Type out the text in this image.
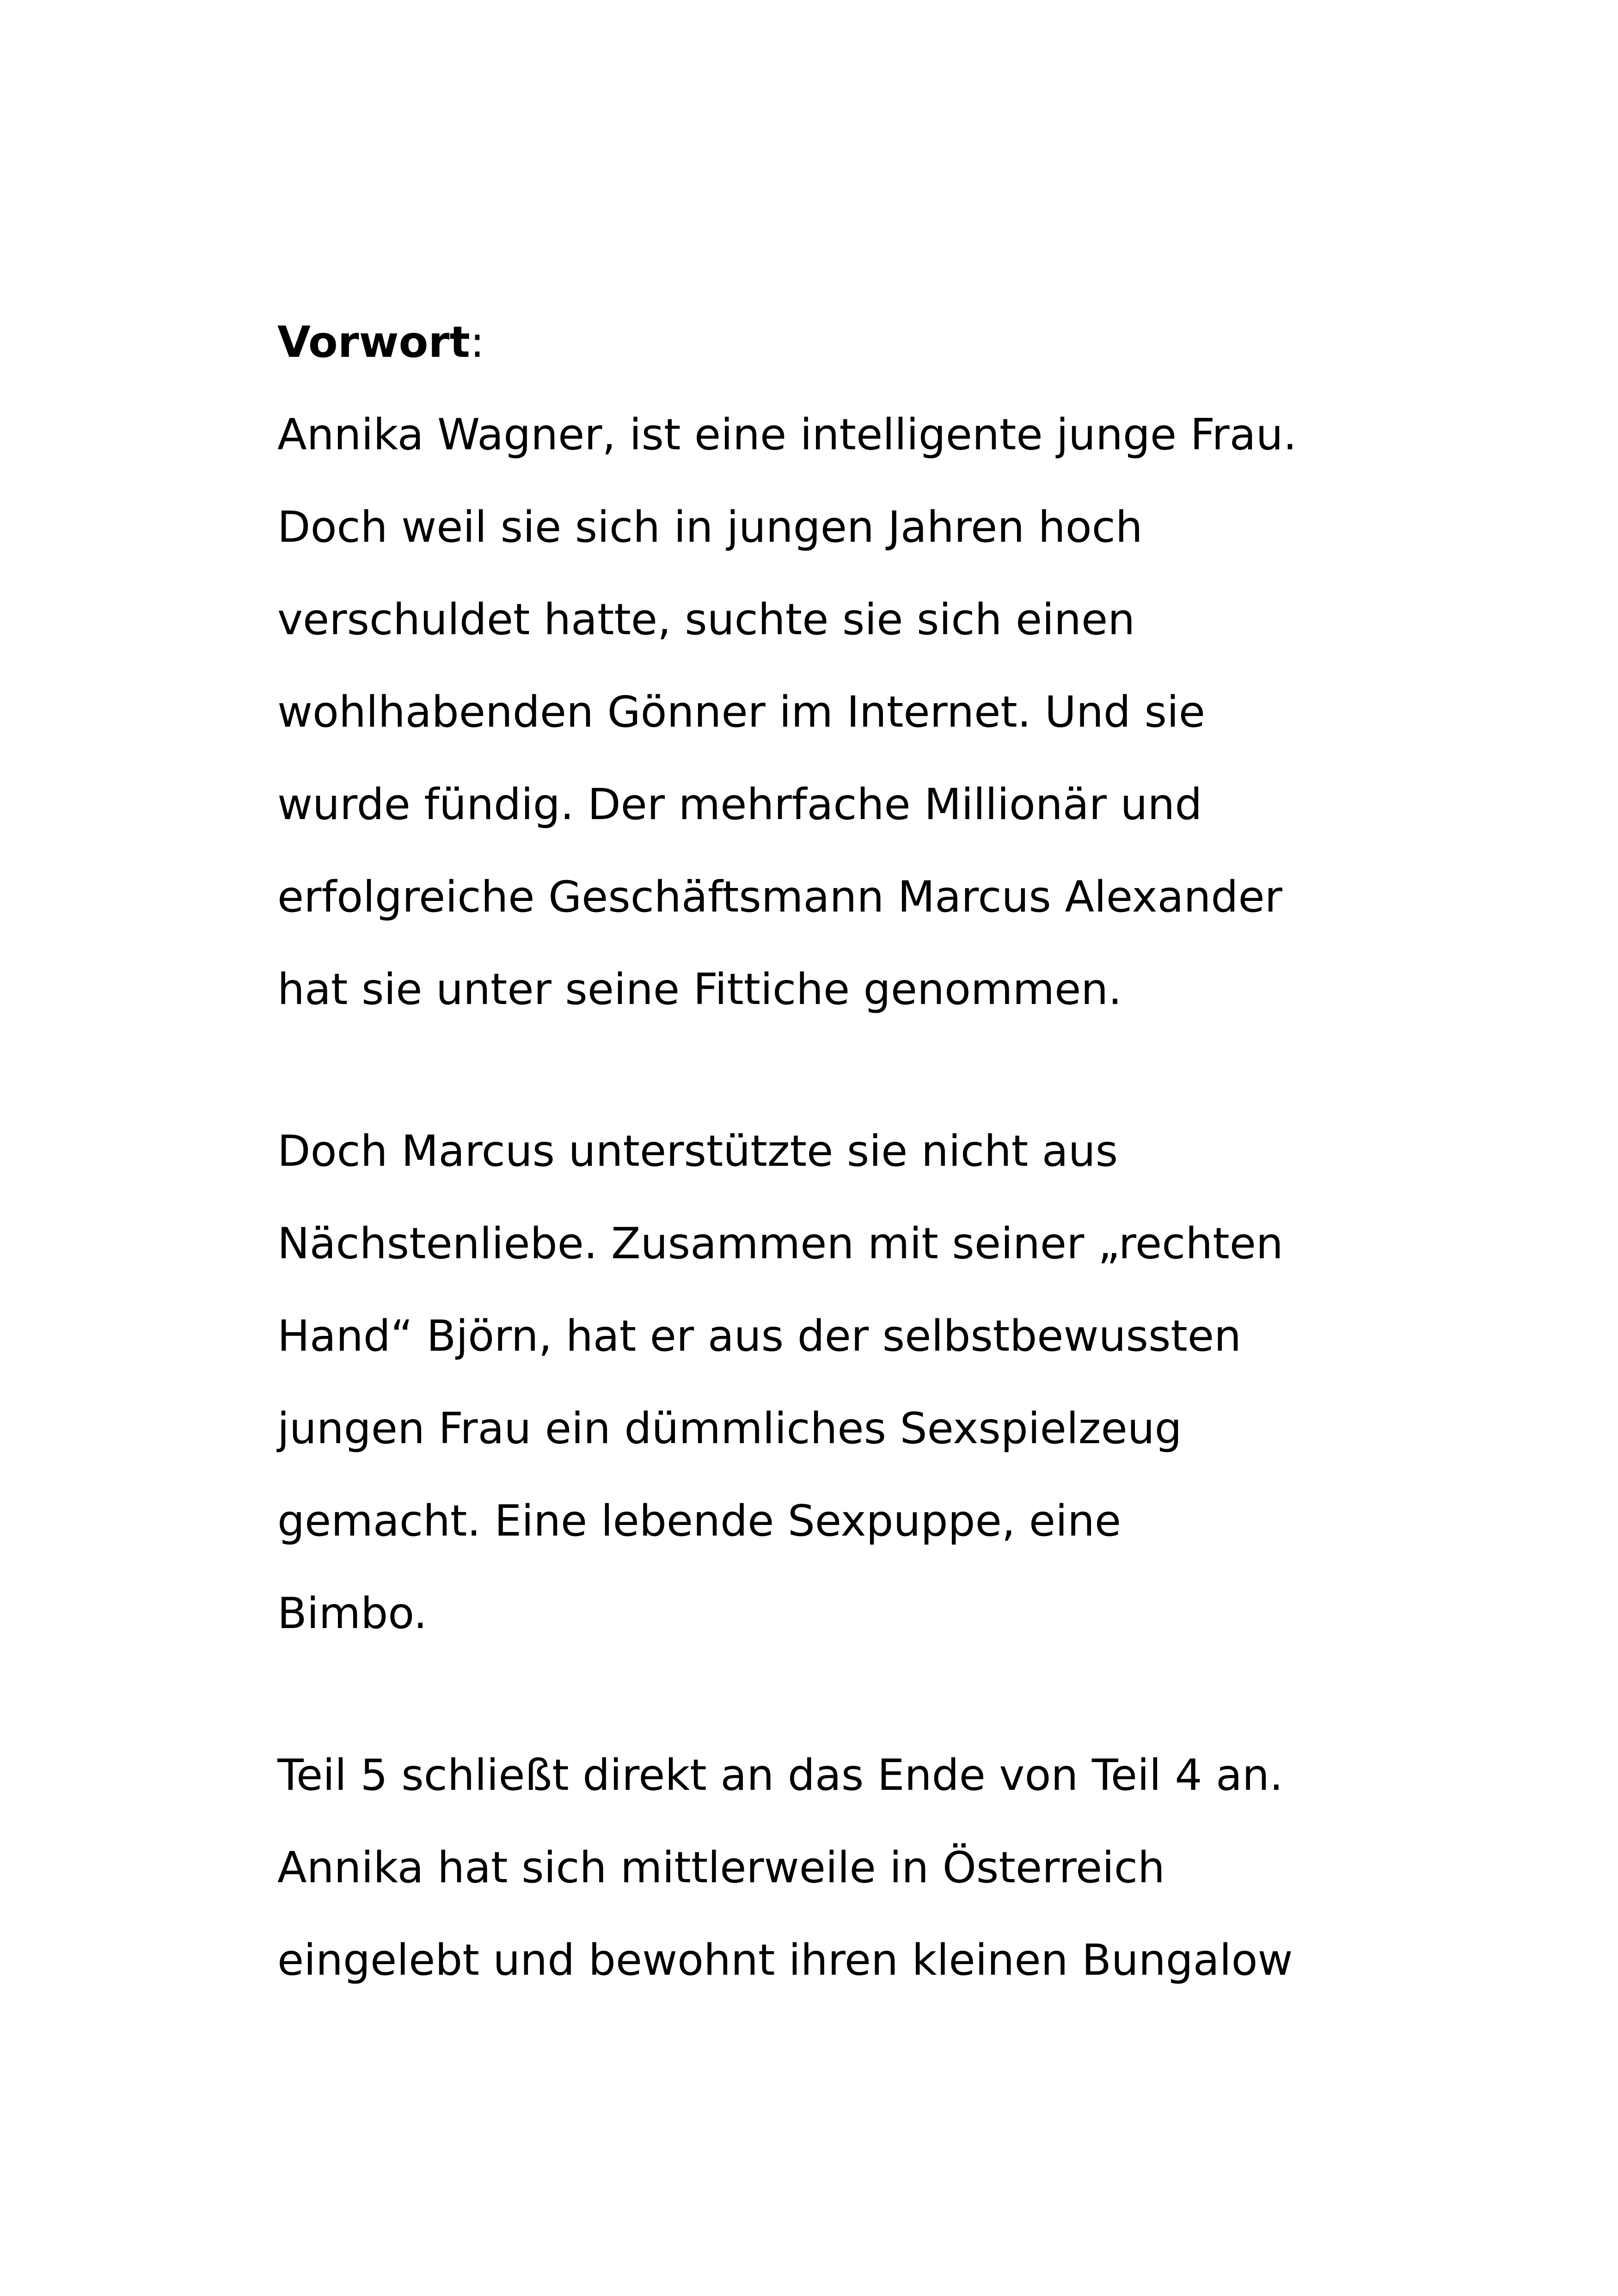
Vorwort:
Annika Wagner, ist eine intelligente junge Frau.
Doch weil sie sich in jungen Jahren hoch
verschuldet hatte, suchte sie sich einen
wohlhabenden Gönner im Internet. Und sie
wurde fündig. Der mehrfache Millionär und
erfolgreiche Geschäftsmann Marcus Alexander
hat sie unter seine Fittiche genommen.
Doch Marcus unterstützte sie nicht aus
Nächstenliebe. Zusammen mit seiner „rechten
Hand“ Björn, hat er aus der selbstbewussten
jungen Frau ein dümmliches Sexspielzeug
gemacht. Eine lebende Sexpuppe, eine
Bimbo.
Teil 5 schließt direkt an das Ende von Teil 4 an.
Annika hat sich mittlerweile in Österreich
eingelebt und bewohnt ihren kleinen Bungalow
